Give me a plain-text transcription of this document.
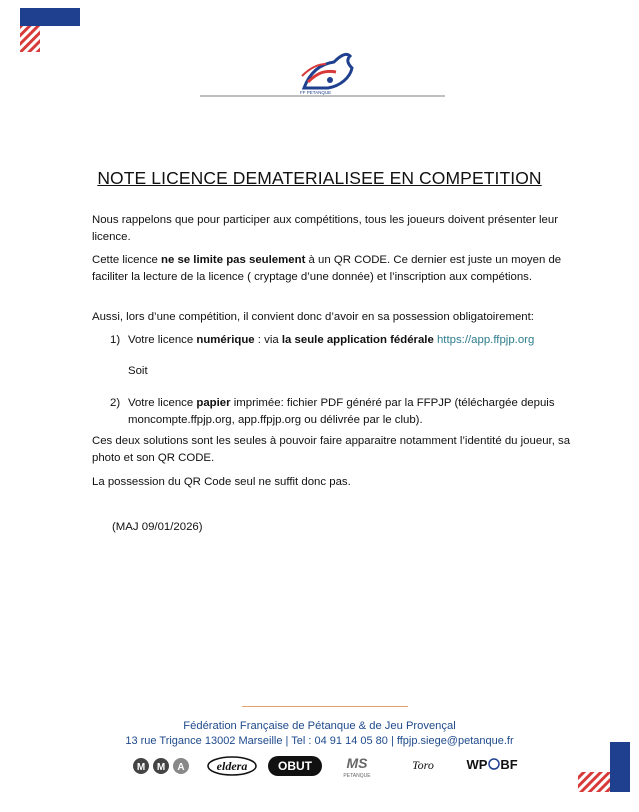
FF PETANQUE
NOTE LICENCE DEMATERIALISEE EN COMPETITION
Nous rappelons que pour participer aux compétitions, tous les joueurs doivent présenter leur licence.
Cette licence ne se limite pas seulement à un QR CODE. Ce dernier est juste un moyen de faciliter la lecture de la licence ( cryptage d’une donnée) et l’inscription aux compétions.
Aussi, lors d’une compétition, il convient donc d’avoir en sa possession obligatoirement:
1) Votre licence numérique : via la seule application fédérale https://app.ffpjp.org
Soit
2) Votre licence papier imprimée: fichier PDF généré par la FFPJP (téléchargée depuis moncompte.ffpjp.org, app.ffpjp.org ou délivrée par le club).
Ces deux solutions sont les seules à pouvoir faire apparaitre notamment l’identité du joueur, sa photo et son QR CODE.
La possession du QR Code seul ne suffit donc pas.
(MAJ 09/01/2026)
Fédération Française de Pétanque & de Jeu Provençal
13 rue Trigance 13002 Marseille | Tel : 04 91 14 05 80 | ffpjp.siege@petanque.fr
M M A	eldera	OBUT MS
PETANQUE
Toro	WP BF
